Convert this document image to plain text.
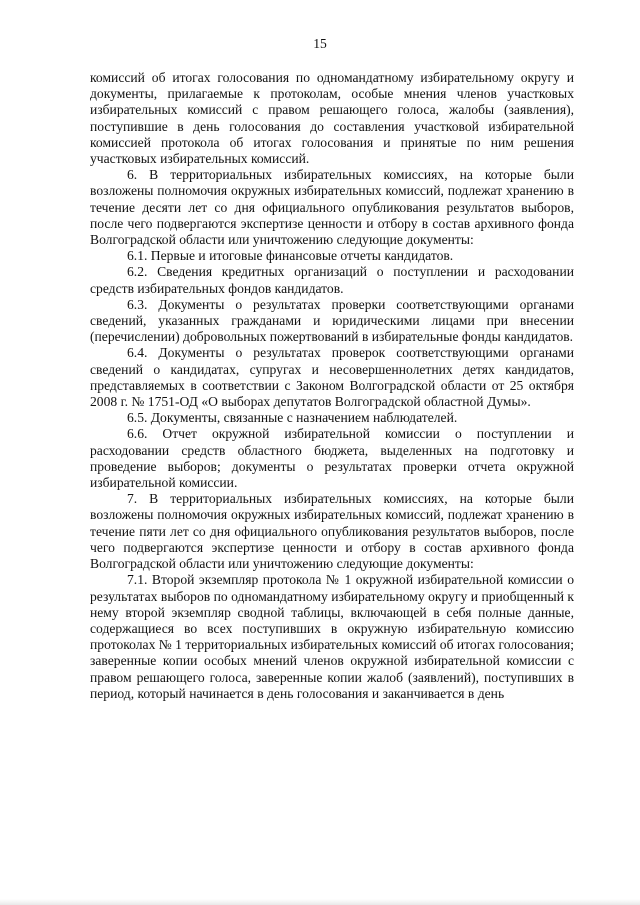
15

комиссий об итогах голосования по одномандатному избирательному округу и документы, прилагаемые к протоколам, особые мнения членов участковых избирательных комиссий с правом решающего голоса, жалобы (заявления), поступившие в день голосования до составления участковой избирательной комиссией протокола об итогах голосования и принятые по ним решения участковых избирательных комиссий.

6. В территориальных избирательных комиссиях, на которые были возложены полномочия окружных избирательных комиссий, подлежат хранению в течение десяти лет со дня официального опубликования результатов выборов, после чего подвергаются экспертизе ценности и отбору в состав архивного фонда Волгоградской области или уничтожению следующие документы:

6.1. Первые и итоговые финансовые отчеты кандидатов.

6.2. Сведения кредитных организаций о поступлении и расходовании средств избирательных фондов кандидатов.

6.3. Документы о результатах проверки соответствующими органами сведений, указанных гражданами и юридическими лицами при внесении (перечислении) добровольных пожертвований в избирательные фонды кандидатов.

6.4. Документы о результатах проверок соответствующими органами сведений о кандидатах, супругах и несовершеннолетних детях кандидатов, представляемых в соответствии с Законом Волгоградской области от 25 октября 2008 г. № 1751-ОД «О выборах депутатов Волгоградской областной Думы».

6.5. Документы, связанные с назначением наблюдателей.

6.6. Отчет окружной избирательной комиссии о поступлении и расходовании средств областного бюджета, выделенных на подготовку и проведение выборов; документы о результатах проверки отчета окружной избирательной комиссии.

7. В территориальных избирательных комиссиях, на которые были возложены полномочия окружных избирательных комиссий, подлежат хранению в течение пяти лет со дня официального опубликования результатов выборов, после чего подвергаются экспертизе ценности и отбору в состав архивного фонда Волгоградской области или уничтожению следующие документы:

7.1. Второй экземпляр протокола № 1 окружной избирательной комиссии о результатах выборов по одномандатному избирательному округу и приобщенный к нему второй экземпляр сводной таблицы, включающей в себя полные данные, содержащиеся во всех поступивших в окружную избирательную комиссию протоколах № 1 территориальных избирательных комиссий об итогах голосования; заверенные копии особых мнений членов окружной избирательной комиссии с правом решающего голоса, заверенные копии жалоб (заявлений), поступивших в период, который начинается в день голосования и заканчивается в день
